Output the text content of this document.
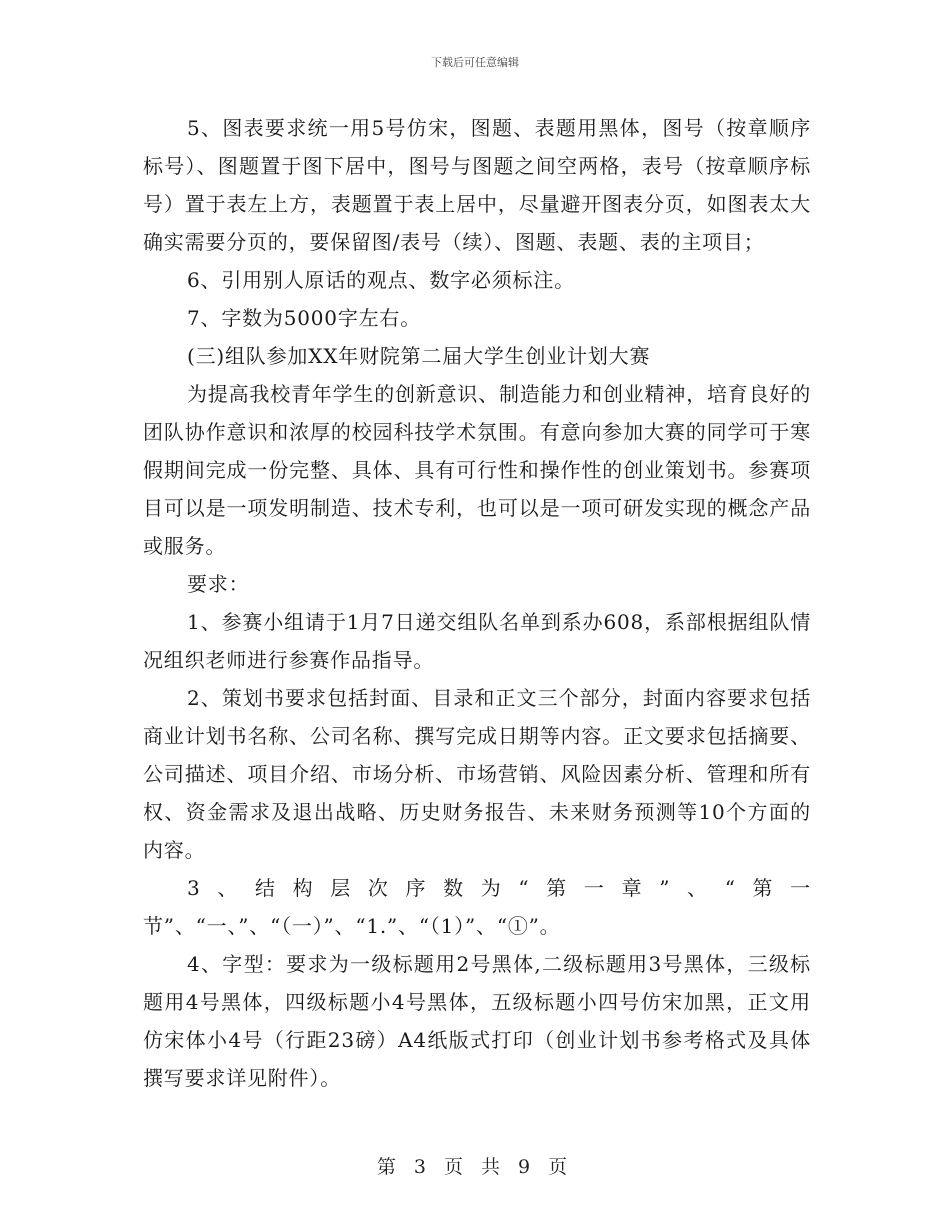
下载后可任意编辑

5、图表要求统一用5号仿宋，图题、表题用黑体，图号（按章顺序标号）、图题置于图下居中，图号与图题之间空两格，表号（按章顺序标号）置于表左上方，表题置于表上居中，尽量避开图表分页，如图表太大确实需要分页的，要保留图/表号（续）、图题、表题、表的主项目；

6、引用别人原话的观点、数字必须标注。

7、字数为5000字左右。

(三)组队参加XX年财院第二届大学生创业计划大赛

为提高我校青年学生的创新意识、制造能力和创业精神，培育良好的团队协作意识和浓厚的校园科技学术氛围。有意向参加大赛的同学可于寒假期间完成一份完整、具体、具有可行性和操作性的创业策划书。参赛项目可以是一项发明制造、技术专利，也可以是一项可研发实现的概念产品或服务。

要求：

1、参赛小组请于1月7日递交组队名单到系办608，系部根据组队情况组织老师进行参赛作品指导。

2、策划书要求包括封面、目录和正文三个部分，封面内容要求包括商业计划书名称、公司名称、撰写完成日期等内容。正文要求包括摘要、公司描述、项目介绍、市场分析、市场营销、风险因素分析、管理和所有权、资金需求及退出战略、历史财务报告、未来财务预测等10个方面的内容。

3、结构层次序数为“第一章”、“第一节”、“一、”、“（一）”、“1.”、“（1）”、“①”。

4、字型：要求为一级标题用2号黑体,二级标题用3号黑体，三级标题用4号黑体，四级标题小4号黑体，五级标题小四号仿宋加黑，正文用仿宋体小4号（行距23磅）A4纸版式打印（创业计划书参考格式及具体撰写要求详见附件）。

第 3 页 共 9 页
